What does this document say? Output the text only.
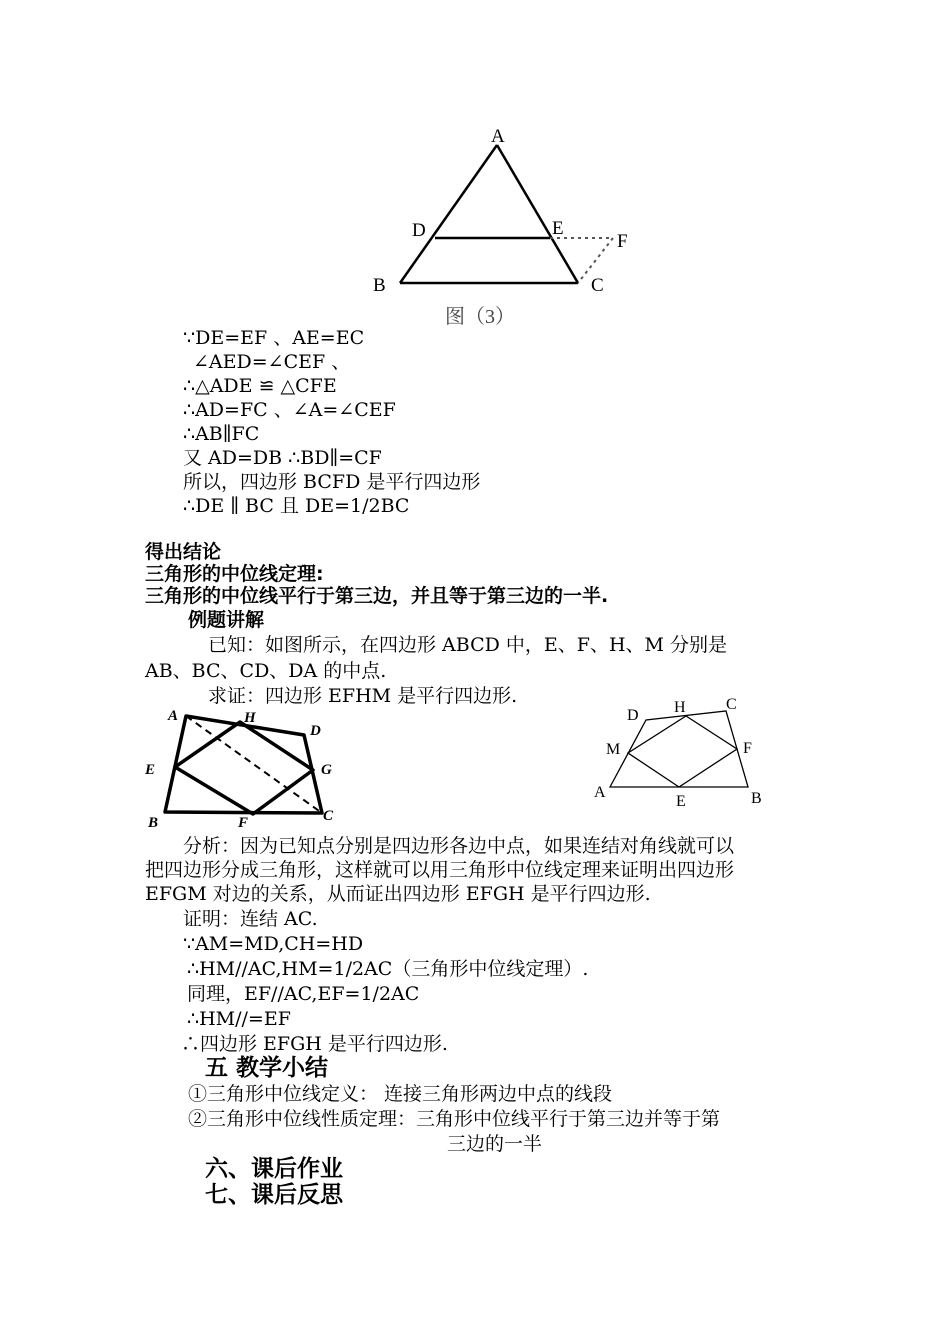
A
D	E
F
B	C
图（3）
∵DE=EF 、AE=EC
∠AED=∠CEF 、
∴△ADE ≌ △CFE
∴AD=FC 、∠A=∠CEF
∴AB∥FC
又 AD=DB ∴BD∥=CF
所以，四边形 BCFD 是平行四边形
∴DE ∥ BC 且 DE=1/2BC
得出结论
三角形的中位线定理:
三角形的中位线平行于第三边，并且等于第三边的一半.
例题讲解
已知：如图所示，在四边形 ABCD 中，E、F、H、M 分别是
AB、BC、CD、DA 的中点.
求证：四边形 EFHM 是平行四边形.
A	H
D
E	G
B	F	C
D H	C
M	F
A
E	B
分析：因为已知点分别是四边形各边中点，如果连结对角线就可以
把四边形分成三角形，这样就可以用三角形中位线定理来证明出四边形
EFGM 对边的关系，从而证出四边形 EFGH 是平行四边形.
证明：连结 AC.
∵AM=MD,CH=HD
∴HM//AC,HM=1/2AC（三角形中位线定理）.
同理，EF//AC,EF=1/2AC
∴HM//=EF
∴四边形 EFGH 是平行四边形.
五 教学小结
①三角形中位线定义： 连接三角形两边中点的线段
②三角形中位线性质定理：三角形中位线平行于第三边并等于第
三边的一半
六、课后作业
七、课后反思
